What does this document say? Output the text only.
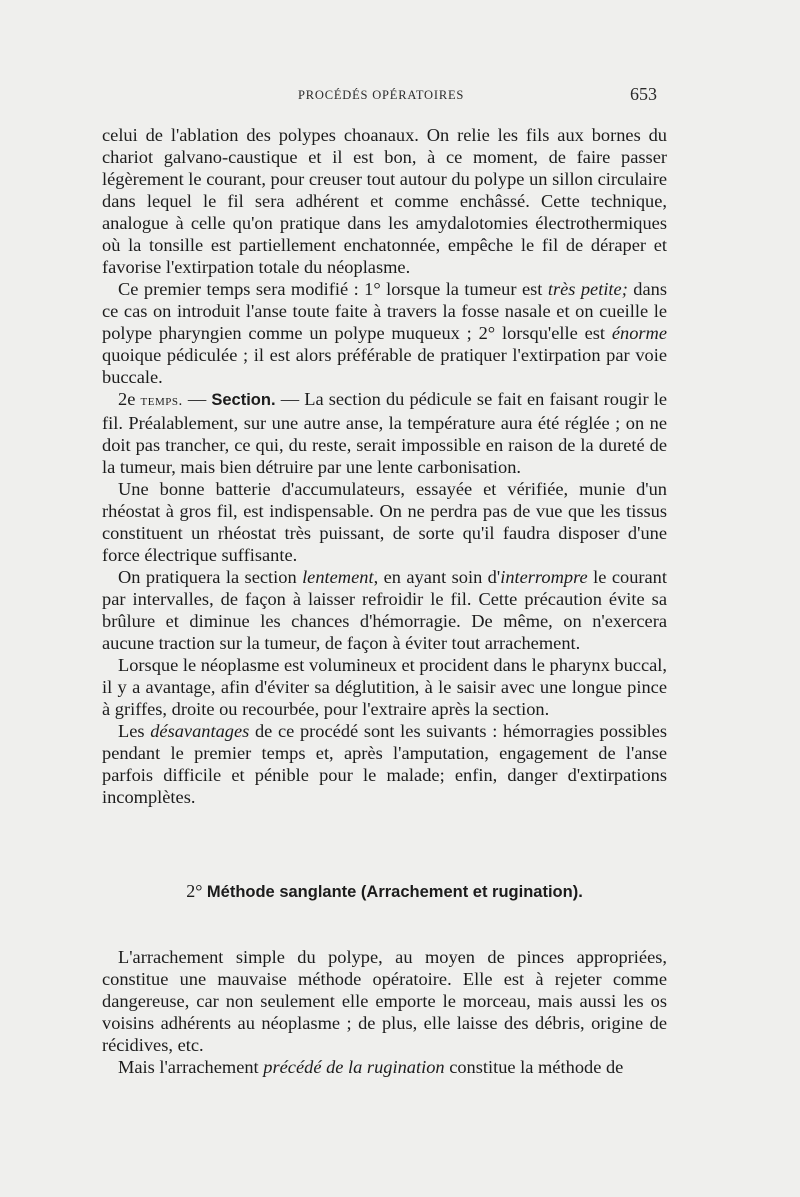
PROCÉDÉS OPÉRATOIRES	653

celui de l'ablation des polypes choanaux. On relie les fils aux bornes du chariot galvano-caustique et il est bon, à ce moment, de faire passer légèrement le courant, pour creuser tout autour du polype un sillon circulaire dans lequel le fil sera adhérent et comme enchâssé. Cette technique, analogue à celle qu'on pratique dans les amydalotomies électrothermiques où la tonsille est partiellement enchatonnée, empêche le fil de déraper et favorise l'extirpation totale du néoplasme.

Ce premier temps sera modifié : 1° lorsque la tumeur est très petite; dans ce cas on introduit l'anse toute faite à travers la fosse nasale et on cueille le polype pharyngien comme un polype muqueux ; 2° lorsqu'elle est énorme quoique pédiculée ; il est alors préférable de pratiquer l'extirpation par voie buccale.

2e temps. — Section. — La section du pédicule se fait en faisant rougir le fil. Préalablement, sur une autre anse, la température aura été réglée ; on ne doit pas trancher, ce qui, du reste, serait impossible en raison de la dureté de la tumeur, mais bien détruire par une lente carbonisation.

Une bonne batterie d'accumulateurs, essayée et vérifiée, munie d'un rhéostat à gros fil, est indispensable. On ne perdra pas de vue que les tissus constituent un rhéostat très puissant, de sorte qu'il faudra disposer d'une force électrique suffisante.

On pratiquera la section lentement, en ayant soin d'interrompre le courant par intervalles, de façon à laisser refroidir le fil. Cette précaution évite sa brûlure et diminue les chances d'hémorragie. De même, on n'exercera aucune traction sur la tumeur, de façon à éviter tout arrachement.

Lorsque le néoplasme est volumineux et procident dans le pharynx buccal, il y a avantage, afin d'éviter sa déglutition, à le saisir avec une longue pince à griffes, droite ou recourbée, pour l'extraire après la section.

Les désavantages de ce procédé sont les suivants : hémorragies possibles pendant le premier temps et, après l'amputation, engagement de l'anse parfois difficile et pénible pour le malade; enfin, danger d'extirpations incomplètes.

2° Méthode sanglante (Arrachement et rugination).

L'arrachement simple du polype, au moyen de pinces appropriées, constitue une mauvaise méthode opératoire. Elle est à rejeter comme dangereuse, car non seulement elle emporte le morceau, mais aussi les os voisins adhérents au néoplasme ; de plus, elle laisse des débris, origine de récidives, etc.

Mais l'arrachement précédé de la rugination constitue la méthode de
